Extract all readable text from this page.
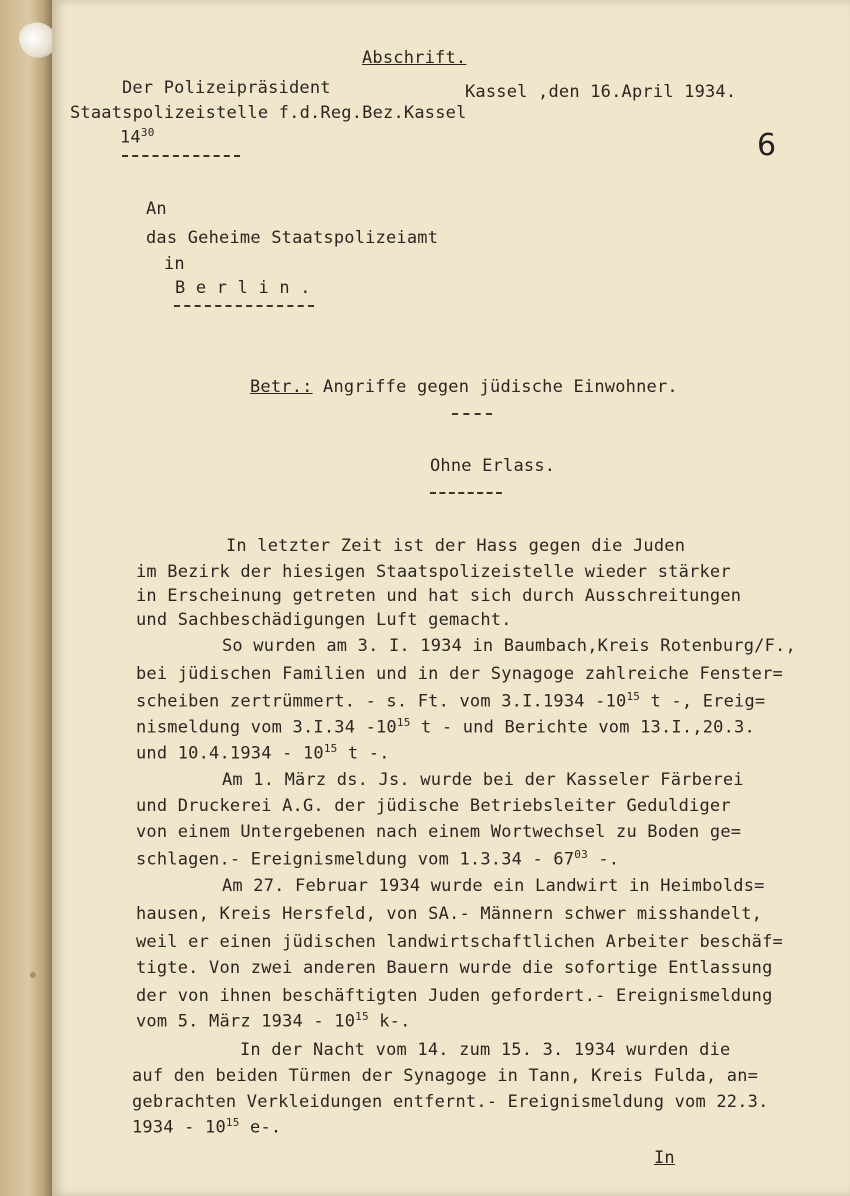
Abschrift.
Der Polizeipräsident	Kassel ,den 16.April 1934.
Staatspolizeistelle f.d.Reg.Bez.Kassel
$14^{30}$	6
An
das Geheime Staatspolizeiamt
in
B e r l i n .
Betr.: Angriffe gegen jüdische Einwohner.
Ohne Erlass.
In letzter Zeit ist der Hass gegen die Juden
im Bezirk der hiesigen Staatspolizeistelle wieder stärker
in Erscheinung getreten und hat sich durch Ausschreitungen
und Sachbeschädigungen Luft gemacht.
So wurden am 3. I. 1934 in Baumbach,Kreis Rotenburg/F.,
bei jüdischen Familien und in der Synagoge zahlreiche Fenster=
scheiben zertrümmert. - s. Ft. vom 3.I.1934 $-10^{15}$ t -, Ereig=
nismeldung vom 3.I.34 $-10^{15}$ t - und Berichte vom 13.I.,20.3.
und $10.4.1934 - 10^{15}$ t -.
Am 1. März ds. Js. wurde bei der Kasseler Färberei
und Druckerei A.G. der jüdische Betriebsleiter Geduldiger
von einem Untergebenen nach einem Wortwechsel zu Boden ge=
schlagen.- Ereignismeldung vom $1.3.34 - 67^{03}$ -.
Am 27. Februar 1934 wurde ein Landwirt in Heimbolds=
hausen, Kreis Hersfeld, von SA.- Männern schwer misshandelt,
weil er einen jüdischen landwirtschaftlichen Arbeiter beschäf=
tigte. Von zwei anderen Bauern wurde die sofortige Entlassung
der von ihnen beschäftigten Juden gefordert.- Ereignismeldung
vom 5. März $1934 - 10^{15}$ k-.
In der Nacht vom 14. zum 15. 3. 1934 wurden die
auf den beiden Türmen der Synagoge in Tann, Kreis Fulda, an=
gebrachten Verkleidungen entfernt.- Ereignismeldung vom 22.3.
$1934 - 10^{15}$ e-.
In
